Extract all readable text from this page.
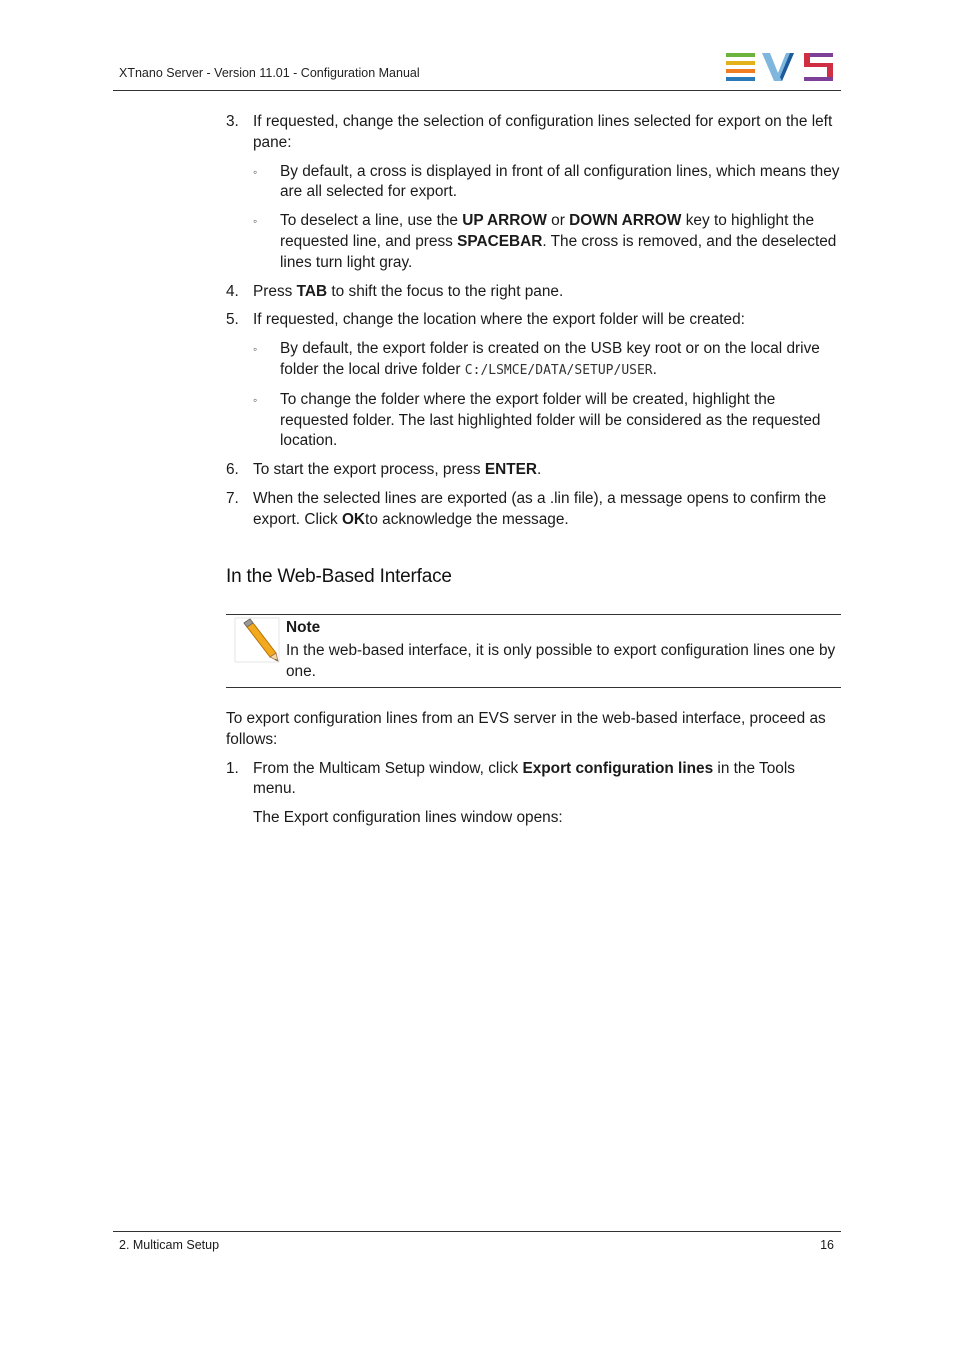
XTnano Server - Version 11.01 - Configuration Manual
3. If requested, change the selection of configuration lines selected for export on the left pane:
◦ By default, a cross is displayed in front of all configuration lines, which means they are all selected for export.
◦ To deselect a line, use the UP ARROW or DOWN ARROW key to highlight the requested line, and press SPACEBAR. The cross is removed, and the deselected lines turn light gray.
4. Press TAB to shift the focus to the right pane.
5. If requested, change the location where the export folder will be created:
◦ By default, the export folder is created on the USB key root or on the local drive folder the local drive folder C:/LSMCE/DATA/SETUP/USER.
◦ To change the folder where the export folder will be created, highlight the requested folder. The last highlighted folder will be considered as the requested location.
6. To start the export process, press ENTER.
7. When the selected lines are exported (as a .lin file), a message opens to confirm the export. Click OKto acknowledge the message.
In the Web-Based Interface
Note
In the web-based interface, it is only possible to export configuration lines one by one.

To export configuration lines from an EVS server in the web-based interface, proceed as follows:

1. From the Multicam Setup window, click Export configuration lines in the Tools menu.

The Export configuration lines window opens:

2. Multicam Setup	16
